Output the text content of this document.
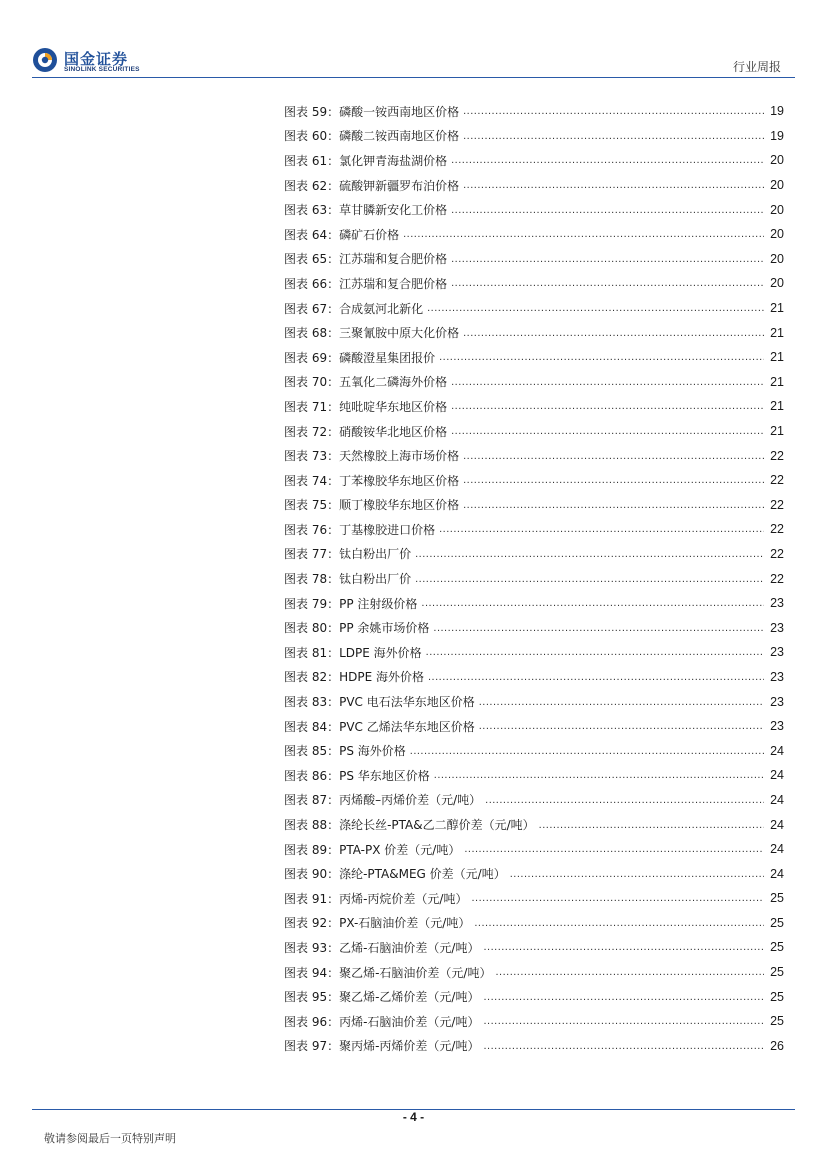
国金证券
SINOLINK SECURITIES	行业周报
图表 59： 磷酸一铵西南地区价格 .....	19
图表 60： 磷酸二铵西南地区价格 .....	19
图表 61： 氯化钾青海盐湖价格 .....	20
图表 62： 硫酸钾新疆罗布泊价格 .....	20
图表 63： 草甘膦新安化工价格 .....	20
图表 64： 磷矿石价格 .....	20
图表 65： 江苏瑞和复合肥价格 .....	20
图表 66： 江苏瑞和复合肥价格 .....	20
图表 67： 合成氨河北新化 .....	21
图表 68： 三聚氰胺中原大化价格 .....	21
图表 69： 磷酸澄星集团报价 .....	21
图表 70： 五氧化二磷海外价格 .....	21
图表 71： 纯吡啶华东地区价格 .....	21
图表 72： 硝酸铵华北地区价格 .....	21
图表 73： 天然橡胶上海市场价格 .....	22
图表 74： 丁苯橡胶华东地区价格 .....	22
图表 75： 顺丁橡胶华东地区价格 .....	22
图表 76： 丁基橡胶进口价格 .....	22
图表 77： 钛白粉出厂价 .....	22
图表 78： 钛白粉出厂价 .....	22
图表 79： PP 注射级价格 .....	23
图表 80： PP 余姚市场价格 .....	23
图表 81： LDPE 海外价格 .....	23
图表 82： HDPE 海外价格 .....	23
图表 83： PVC 电石法华东地区价格 .....	23
图表 84： PVC 乙烯法华东地区价格 .....	23
图表 85： PS 海外价格 .....	24
图表 86： PS 华东地区价格 .....	24
图表 87： 丙烯酸–丙烯价差（元/吨） .....	24
图表 88： 涤纶长丝-PTA&乙二醇价差（元/吨） .....	24
图表 89： PTA-PX 价差（元/吨） .....	24
图表 90： 涤纶-PTA&MEG 价差（元/吨） .....	24
图表 91： 丙烯-丙烷价差（元/吨） .....	25
图表 92： PX-石脑油价差（元/吨） .....	25
图表 93： 乙烯-石脑油价差（元/吨） .....	25
图表 94： 聚乙烯-石脑油价差（元/吨） .....	25
图表 95： 聚乙烯-乙烯价差（元/吨） .....	25
图表 96： 丙烯-石脑油价差（元/吨） .....	25
图表 97： 聚丙烯-丙烯价差（元/吨） .....	26
- 4 -
敬请参阅最后一页特别声明
